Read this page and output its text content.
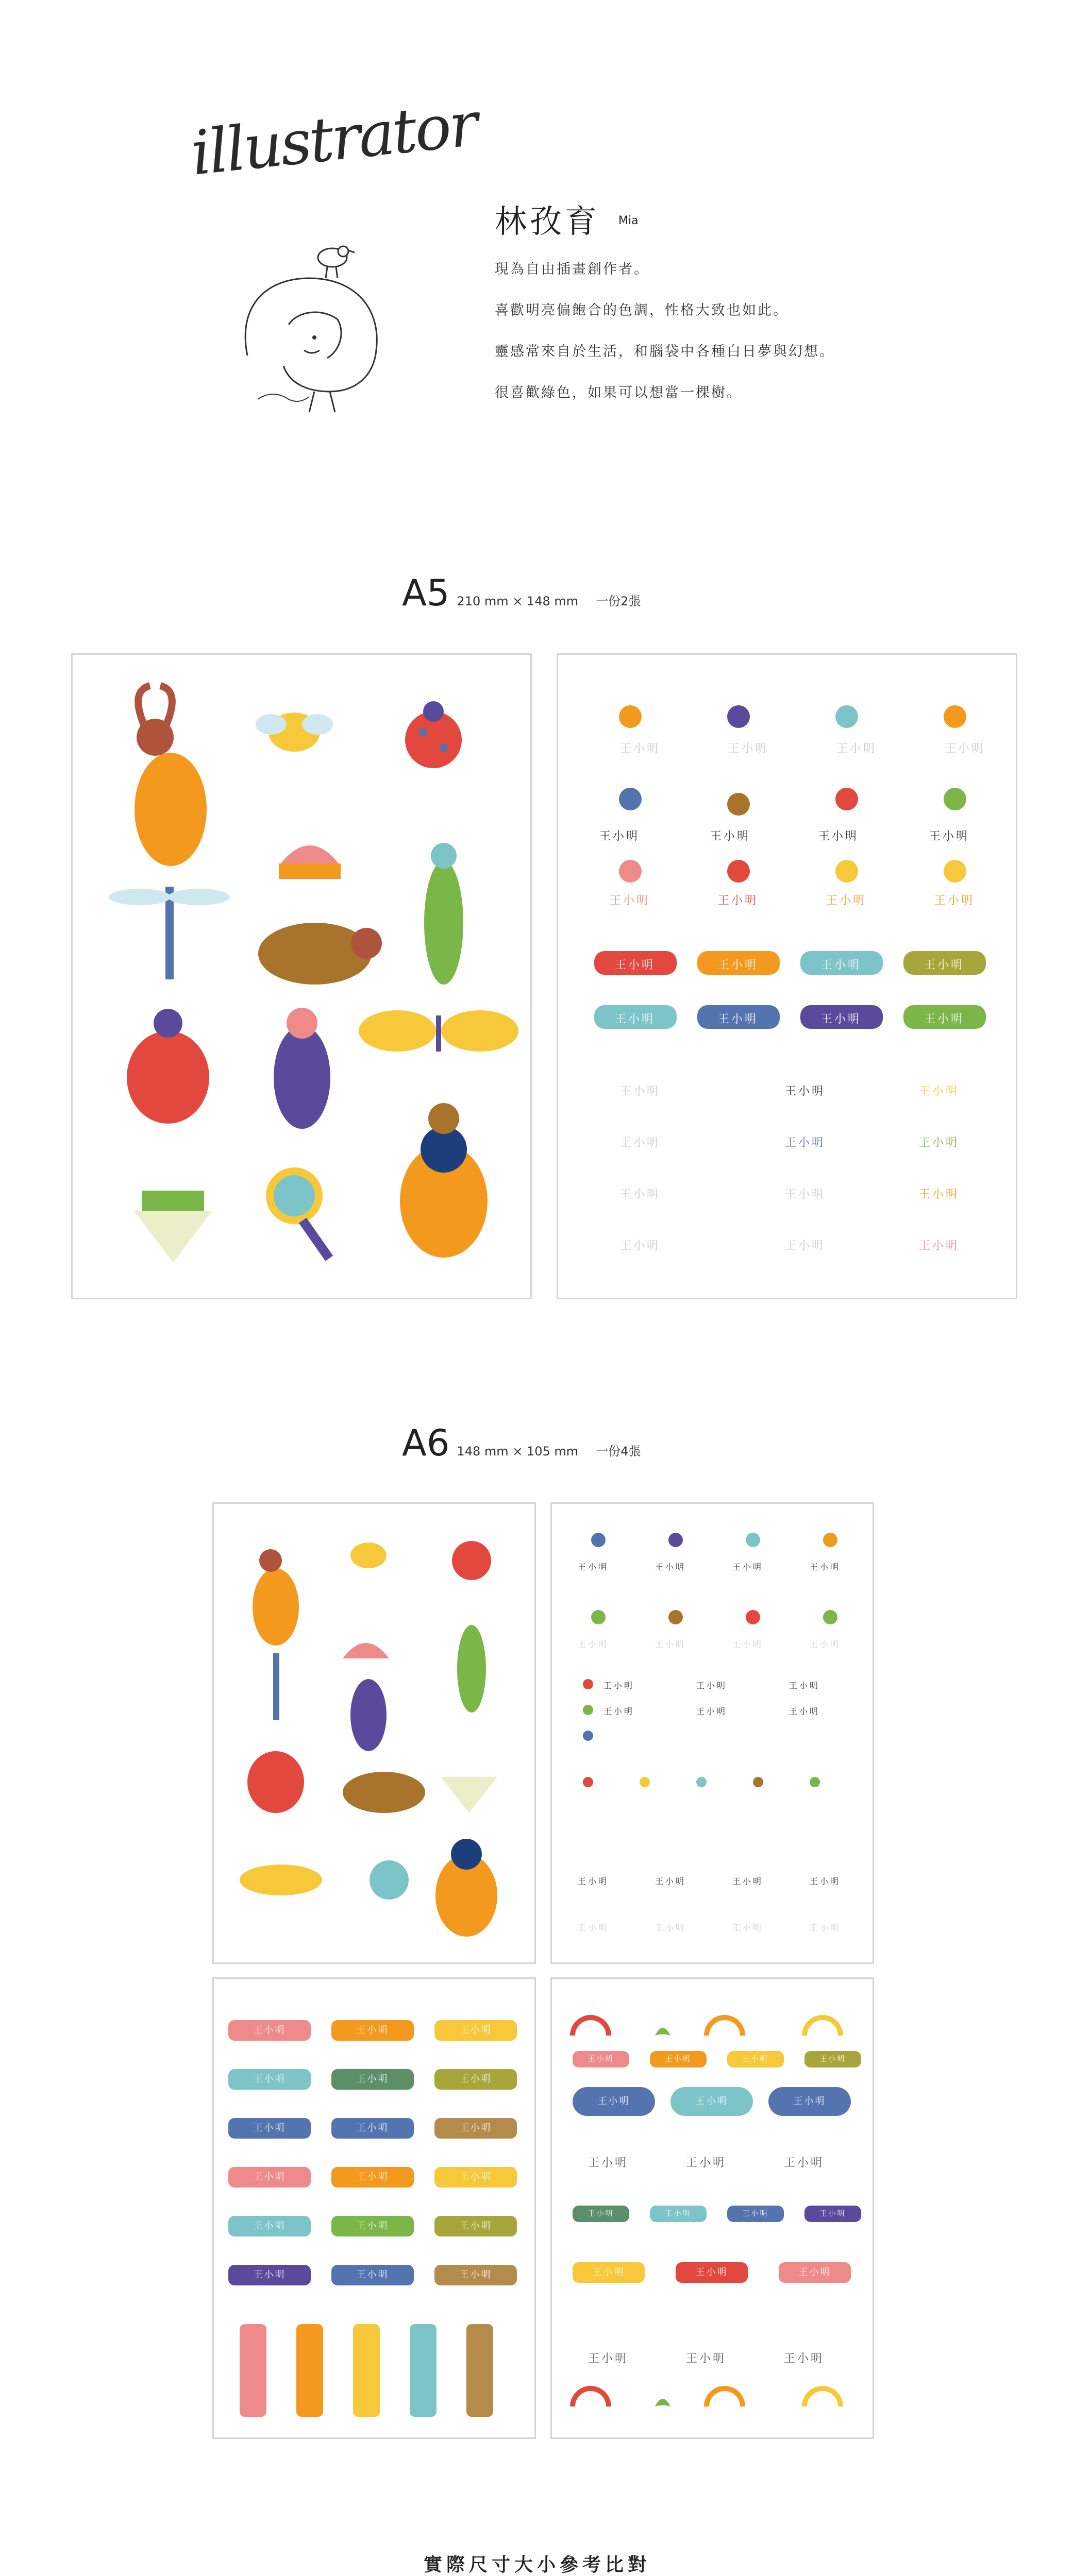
illustrator
林孜育 Mia
現為自由插畫創作者。
喜歡明亮偏飽合的色調，性格大致也如此。
靈感常來自於生活，和腦袋中各種白日夢與幻想。
很喜歡綠色，如果可以想當一棵樹。
A5 210 mm × 148 mm 一份2張
王小明	王小明	王小明	王小明
王小明	王小明	王小明	王小明
王小明	王小明	王小明	王小明
王小明	王小明	王小明	王小明
王小明	王小明	王小明	王小明
王小明	王小明	王小明
王小明	王小明	王小明
王小明	王小明	王小明
王小明	王小明	王小明
A6 148 mm × 105 mm 一份4張
王小明	王小明	王小明	王小明
王小明	王小明	王小明	王小明
王小明	王小明	王小明
王小明	王小明	王小明
王小明	王小明	王小明	王小明
王小明	王小明	王小明	王小明
王小明	王小明	王小明
王小明	王小明	王小明
王小明	王小明	王小明
王小明	王小明	王小明
王小明	王小明	王小明
王小明	王小明	王小明
王小明	王小明	王小明	王小明
王小明	王小明	王小明
王小明	王小明	王小明
王小明	王小明	王小明	王小明
王小明	王小明	王小明
王小明	王小明	王小明
實際尺寸大小參考比對
